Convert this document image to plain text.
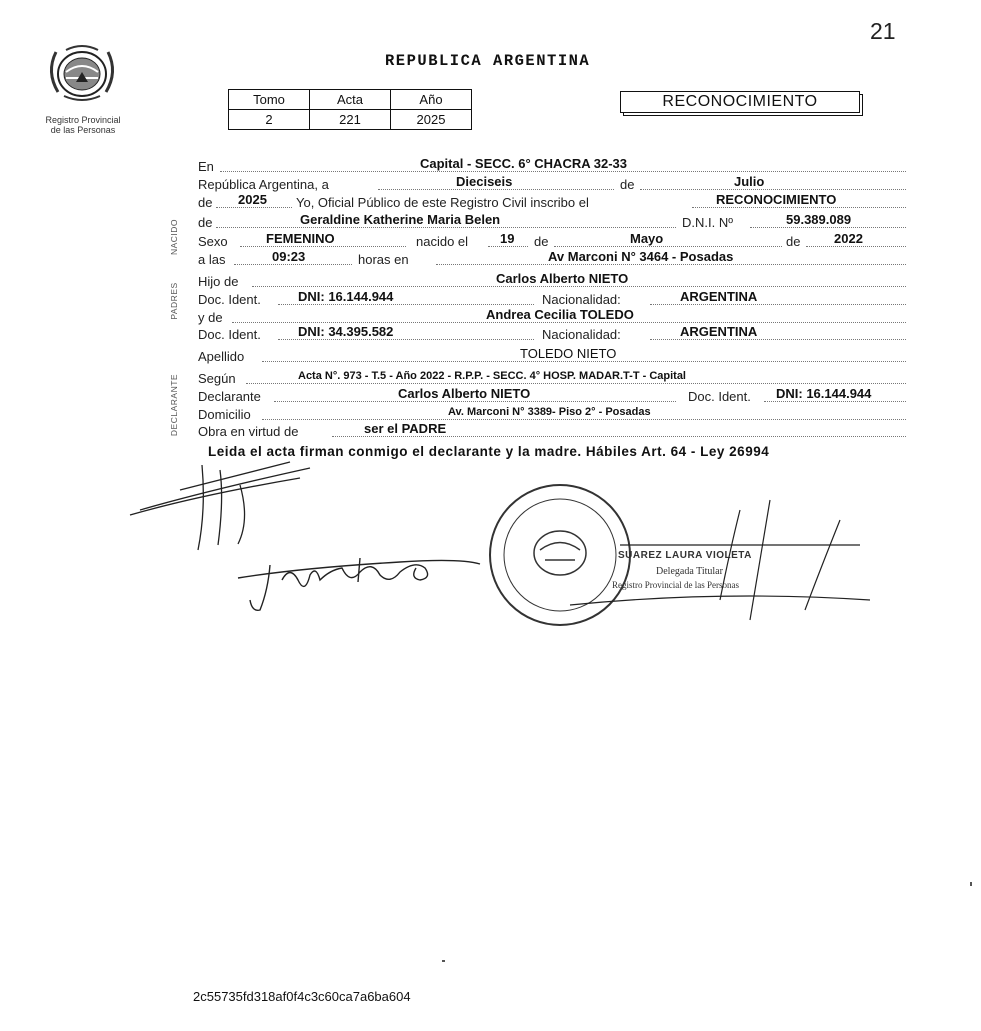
21
Registro Provincial
de las Personas
REPUBLICA ARGENTINA
Tomo	Acta	Año
2	221	2025
RECONOCIMIENTO
En	Capital - SECC. 6° CHACRA 32-33
República Argentina, a	Dieciseis	de	Julio
de 2025 Yo, Oficial Público de este Registro Civil inscribo el	RECONOCIMIENTO
de	Geraldine Katherine Maria Belen	D.N.I. Nº	59.389.089
Sexo	FEMENINO	nacido el 19 de	Mayo	de	2022
a las	09:23	horas en	Av Marconi N° 3464 - Posadas
Hijo de	Carlos Alberto NIETO
Doc. Ident.	DNI: 16.144.944	Nacionalidad:	ARGENTINA
y de	Andrea Cecilia TOLEDO
Doc. Ident.	DNI: 34.395.582	Nacionalidad:	ARGENTINA
Apellido	TOLEDO NIETO
Según	Acta N°. 973 - T.5 - Año 2022 - R.P.P. - SECC. 4° HOSP. MADAR.T-T - Capital
Declarante	Carlos Alberto NIETO	Doc. Ident. DNI: 16.144.944
Domicilio	Av. Marconi N° 3389- Piso 2° - Posadas
Obra en virtud de	ser el PADRE
NACIDO
PADRES
DECLARANTE
Leida el acta firman conmigo el declarante y la madre. Hábiles Art. 64 - Ley 26994
SUAREZ LAURA VIOLETA
Delegada Titular
Registro Provincial de las Personas
2c55735fd318af0f4c3c60ca7a6ba604
